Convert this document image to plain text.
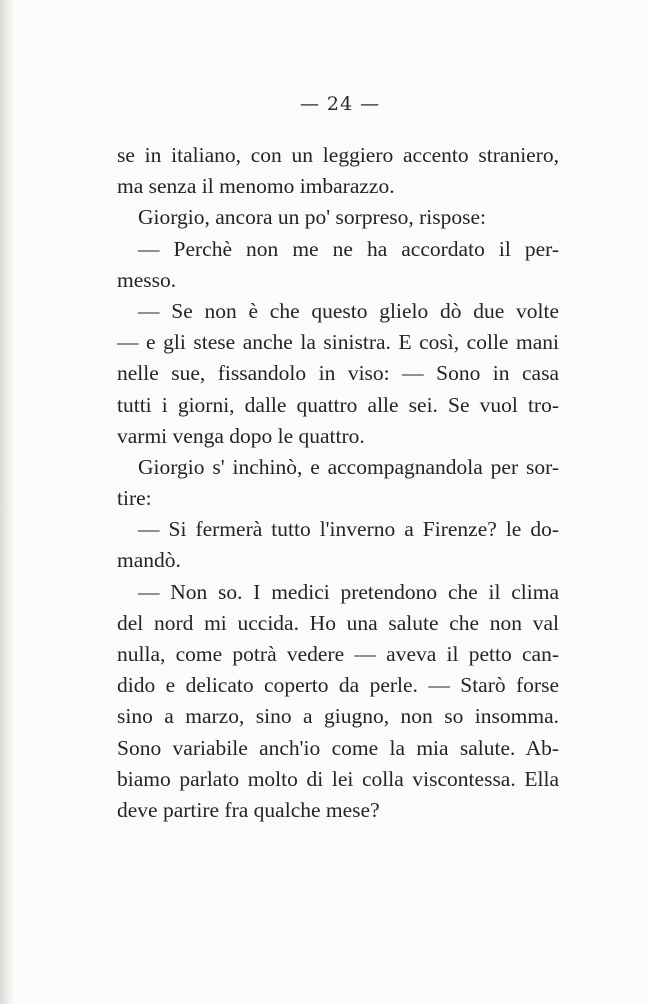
— 24 —
se in italiano, con un leggiero accento straniero,
ma senza il menomo imbarazzo.
Giorgio, ancora un po' sorpreso, rispose:
— Perchè non me ne ha accordato il per-
messo.
— Se non è che questo glielo dò due volte
— e gli stese anche la sinistra. E così, colle mani
nelle sue, fissandolo in viso: — Sono in casa
tutti i giorni, dalle quattro alle sei. Se vuol tro-
varmi venga dopo le quattro.
Giorgio s' inchinò, e accompagnandola per sor-
tire:
— Si fermerà tutto l'inverno a Firenze? le do-
mandò.
— Non so. I medici pretendono che il clima
del nord mi uccida. Ho una salute che non val
nulla, come potrà vedere — aveva il petto can-
dido e delicato coperto da perle. — Starò forse
sino a marzo, sino a giugno, non so insomma.
Sono variabile anch'io come la mia salute. Ab-
biamo parlato molto di lei colla viscontessa. Ella
deve partire fra qualche mese?
